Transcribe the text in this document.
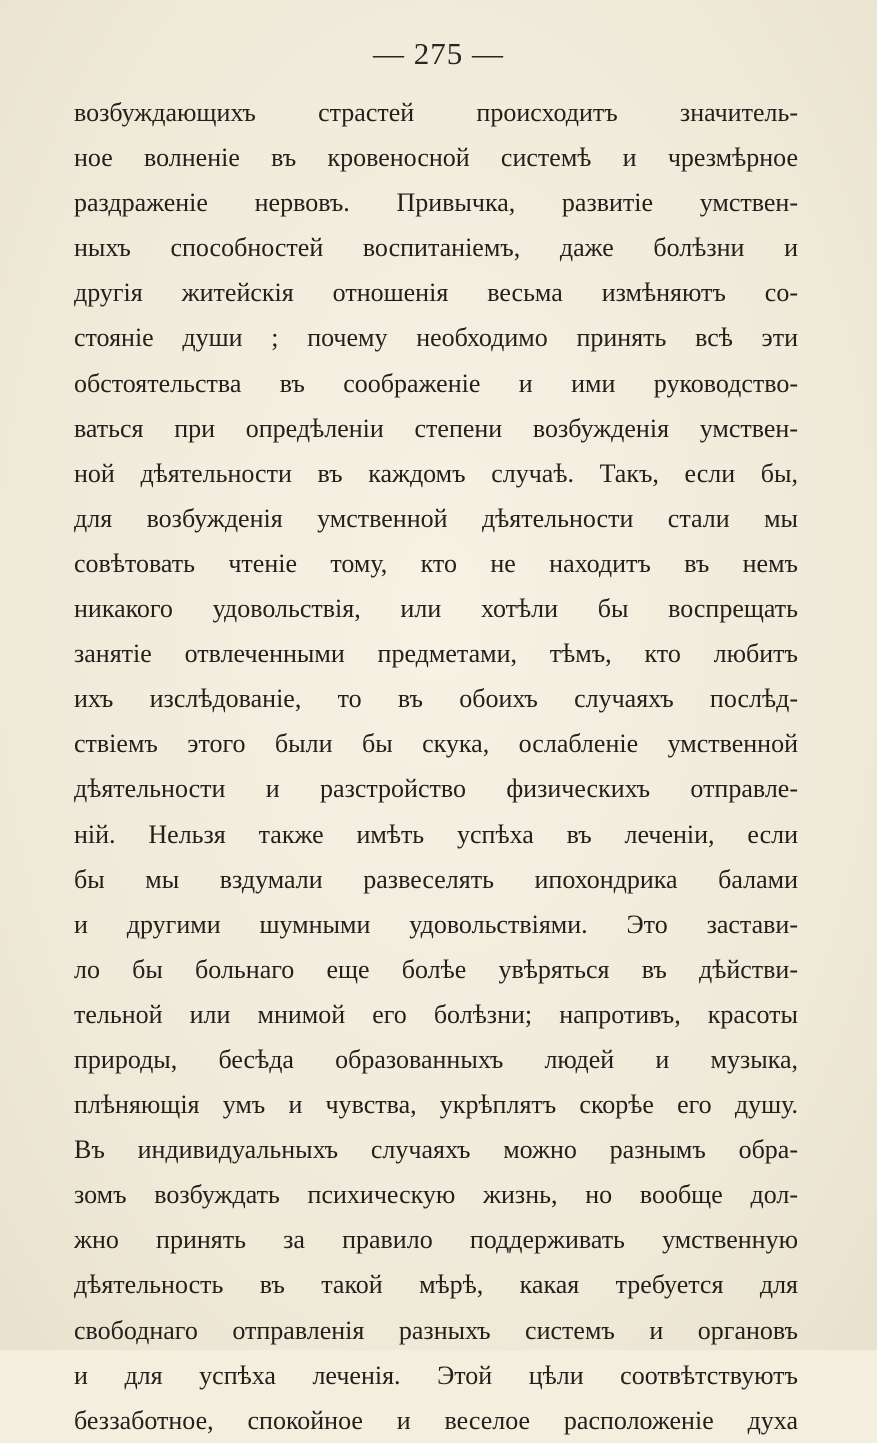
— 275 —
возбуждающихъ страстей происходитъ значитель-
ное волненіе въ кровеносной системѣ и чрезмѣрное
раздраженіе нервовъ. Привычка, развитіе умствен-
ныхъ способностей воспитаніемъ, даже болѣзни и
другія житейскія отношенія весьма измѣняютъ со-
стояніе души ; почему необходимо принять всѣ эти
обстоятельства въ соображеніе и ими руководство-
ваться при опредѣленіи степени возбужденія умствен-
ной дѣятельности въ каждомъ случаѣ. Такъ, если бы,
для возбужденія умственной дѣятельности стали мы
совѣтовать чтеніе тому, кто не находитъ въ немъ
никакого удовольствія, или хотѣли бы воспрещать
занятіе отвлеченными предметами, тѣмъ, кто любитъ
ихъ изслѣдованіе, то въ обоихъ случаяхъ послѣд-
ствіемъ этого были бы скука, ослабленіе умственной
дѣятельности и разстройство физическихъ отправле-
ній. Нельзя также имѣть успѣха въ леченіи, если
бы мы вздумали развеселять ипохондрика балами
и другими шумными удовольствіями. Это застави-
ло бы больнаго еще болѣе увѣряться въ дѣйстви-
тельной или мнимой его болѣзни; напротивъ, красоты
природы, бесѣда образованныхъ людей и музыка,
плѣняющія умъ и чувства, укрѣплятъ скорѣе его душу.
Въ индивидуальныхъ случаяхъ можно разнымъ обра-
зомъ возбуждать психическую жизнь, но вообще дол-
жно принять за правило поддерживать умственную
дѣятельность въ такой мѣрѣ, какая требуется для
свободнаго отправленія разныхъ системъ и органовъ
и для успѣха леченія. Этой цѣли соотвѣтствуютъ
беззаботное, спокойное и веселое расположеніе духа
